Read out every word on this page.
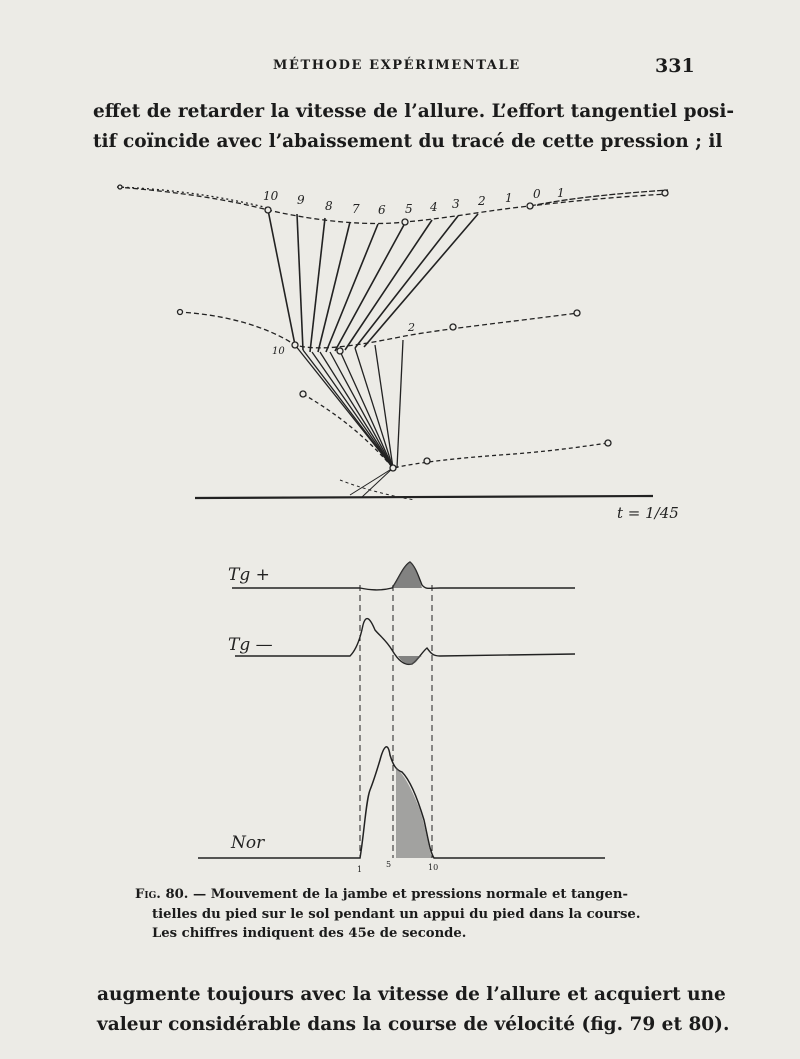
MÉTHODE EXPÉRIMENTALE	331
effet de retarder la vitesse de l’allure. L’effort tangentiel posi-
tif coïncide avec l’abaissement du tracé de cette pression ; il
10 9 8 7 6 5 4 3 2 1 0 1
10
2
t = 1/45
Tg +
Tg —
Nor
1
5	10
Fig. 80. — Mouvement de la jambe et pressions normale et tangen-
tielles du pied sur le sol pendant un appui du pied dans la course.
Les chiffres indiquent des 45e de seconde.
augmente toujours avec la vitesse de l’allure et acquiert une
valeur considérable dans la course de vélocité (fig. 79 et 80).
